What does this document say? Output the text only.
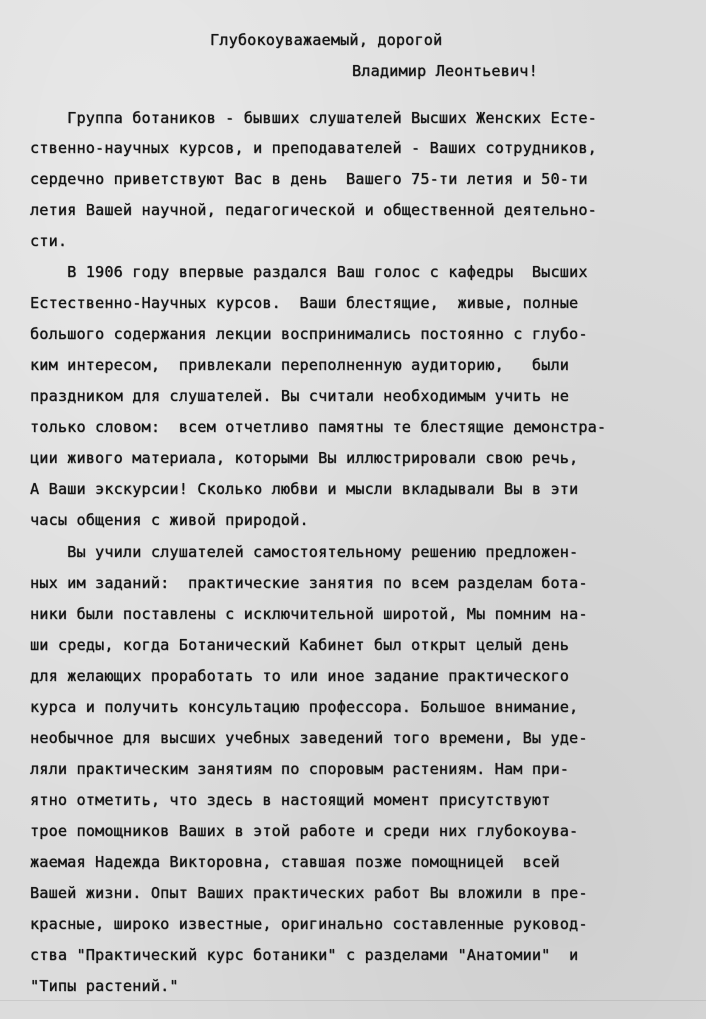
Глубокоуважаемый, дорогой
Владимир Леонтьевич!
Группа ботаников - бывших слушателей Высших Женских Есте-
ственно-научных курсов, и преподавателей - Ваших сотрудников,
сердечно приветствуют Вас в день  Вашего 75-ти летия и 50-ти
летия Вашей научной, педагогической и общественной деятельно-
сти.
В 1906 году впервые раздался Ваш голос с кафедры  Высших
Естественно-Научных курсов.  Ваши блестящие,  живые, полные
большого содержания лекции воспринимались постоянно с глубо-
ким интересом,  привлекали переполненную аудиторию,   были
праздником для слушателей. Вы считали необходимым учить не
только словом:  всем отчетливо памятны те блестящие демонстра-
ции живого материала, которыми Вы иллюстрировали свою речь,
А Ваши экскурсии! Сколько любви и мысли вкладывали Вы в эти
часы общения с живой природой.
Вы учили слушателей самостоятельному решению предложен-
ных им заданий:  практические занятия по всем разделам бота-
ники были поставлены с исключительной широтой, Мы помним на-
ши среды, когда Ботанический Кабинет был открыт целый день
для желающих проработать то или иное задание практического
курса и получить консультацию профессора. Большое внимание,
необычное для высших учебных заведений того времени, Вы уде-
ляли практическим занятиям по споровым растениям. Нам при-
ятно отметить, что здесь в настоящий момент присутствуют
трое помощников Ваших в этой работе и среди них глубокоува-
жаемая Надежда Викторовна, ставшая позже помощницей  всей
Вашей жизни. Опыт Ваших практических работ Вы вложили в пре-
красные, широко известные, оригинально составленные руковод-
ства "Практический курс ботаники" с разделами "Анатомии"  и
"Типы растений."
